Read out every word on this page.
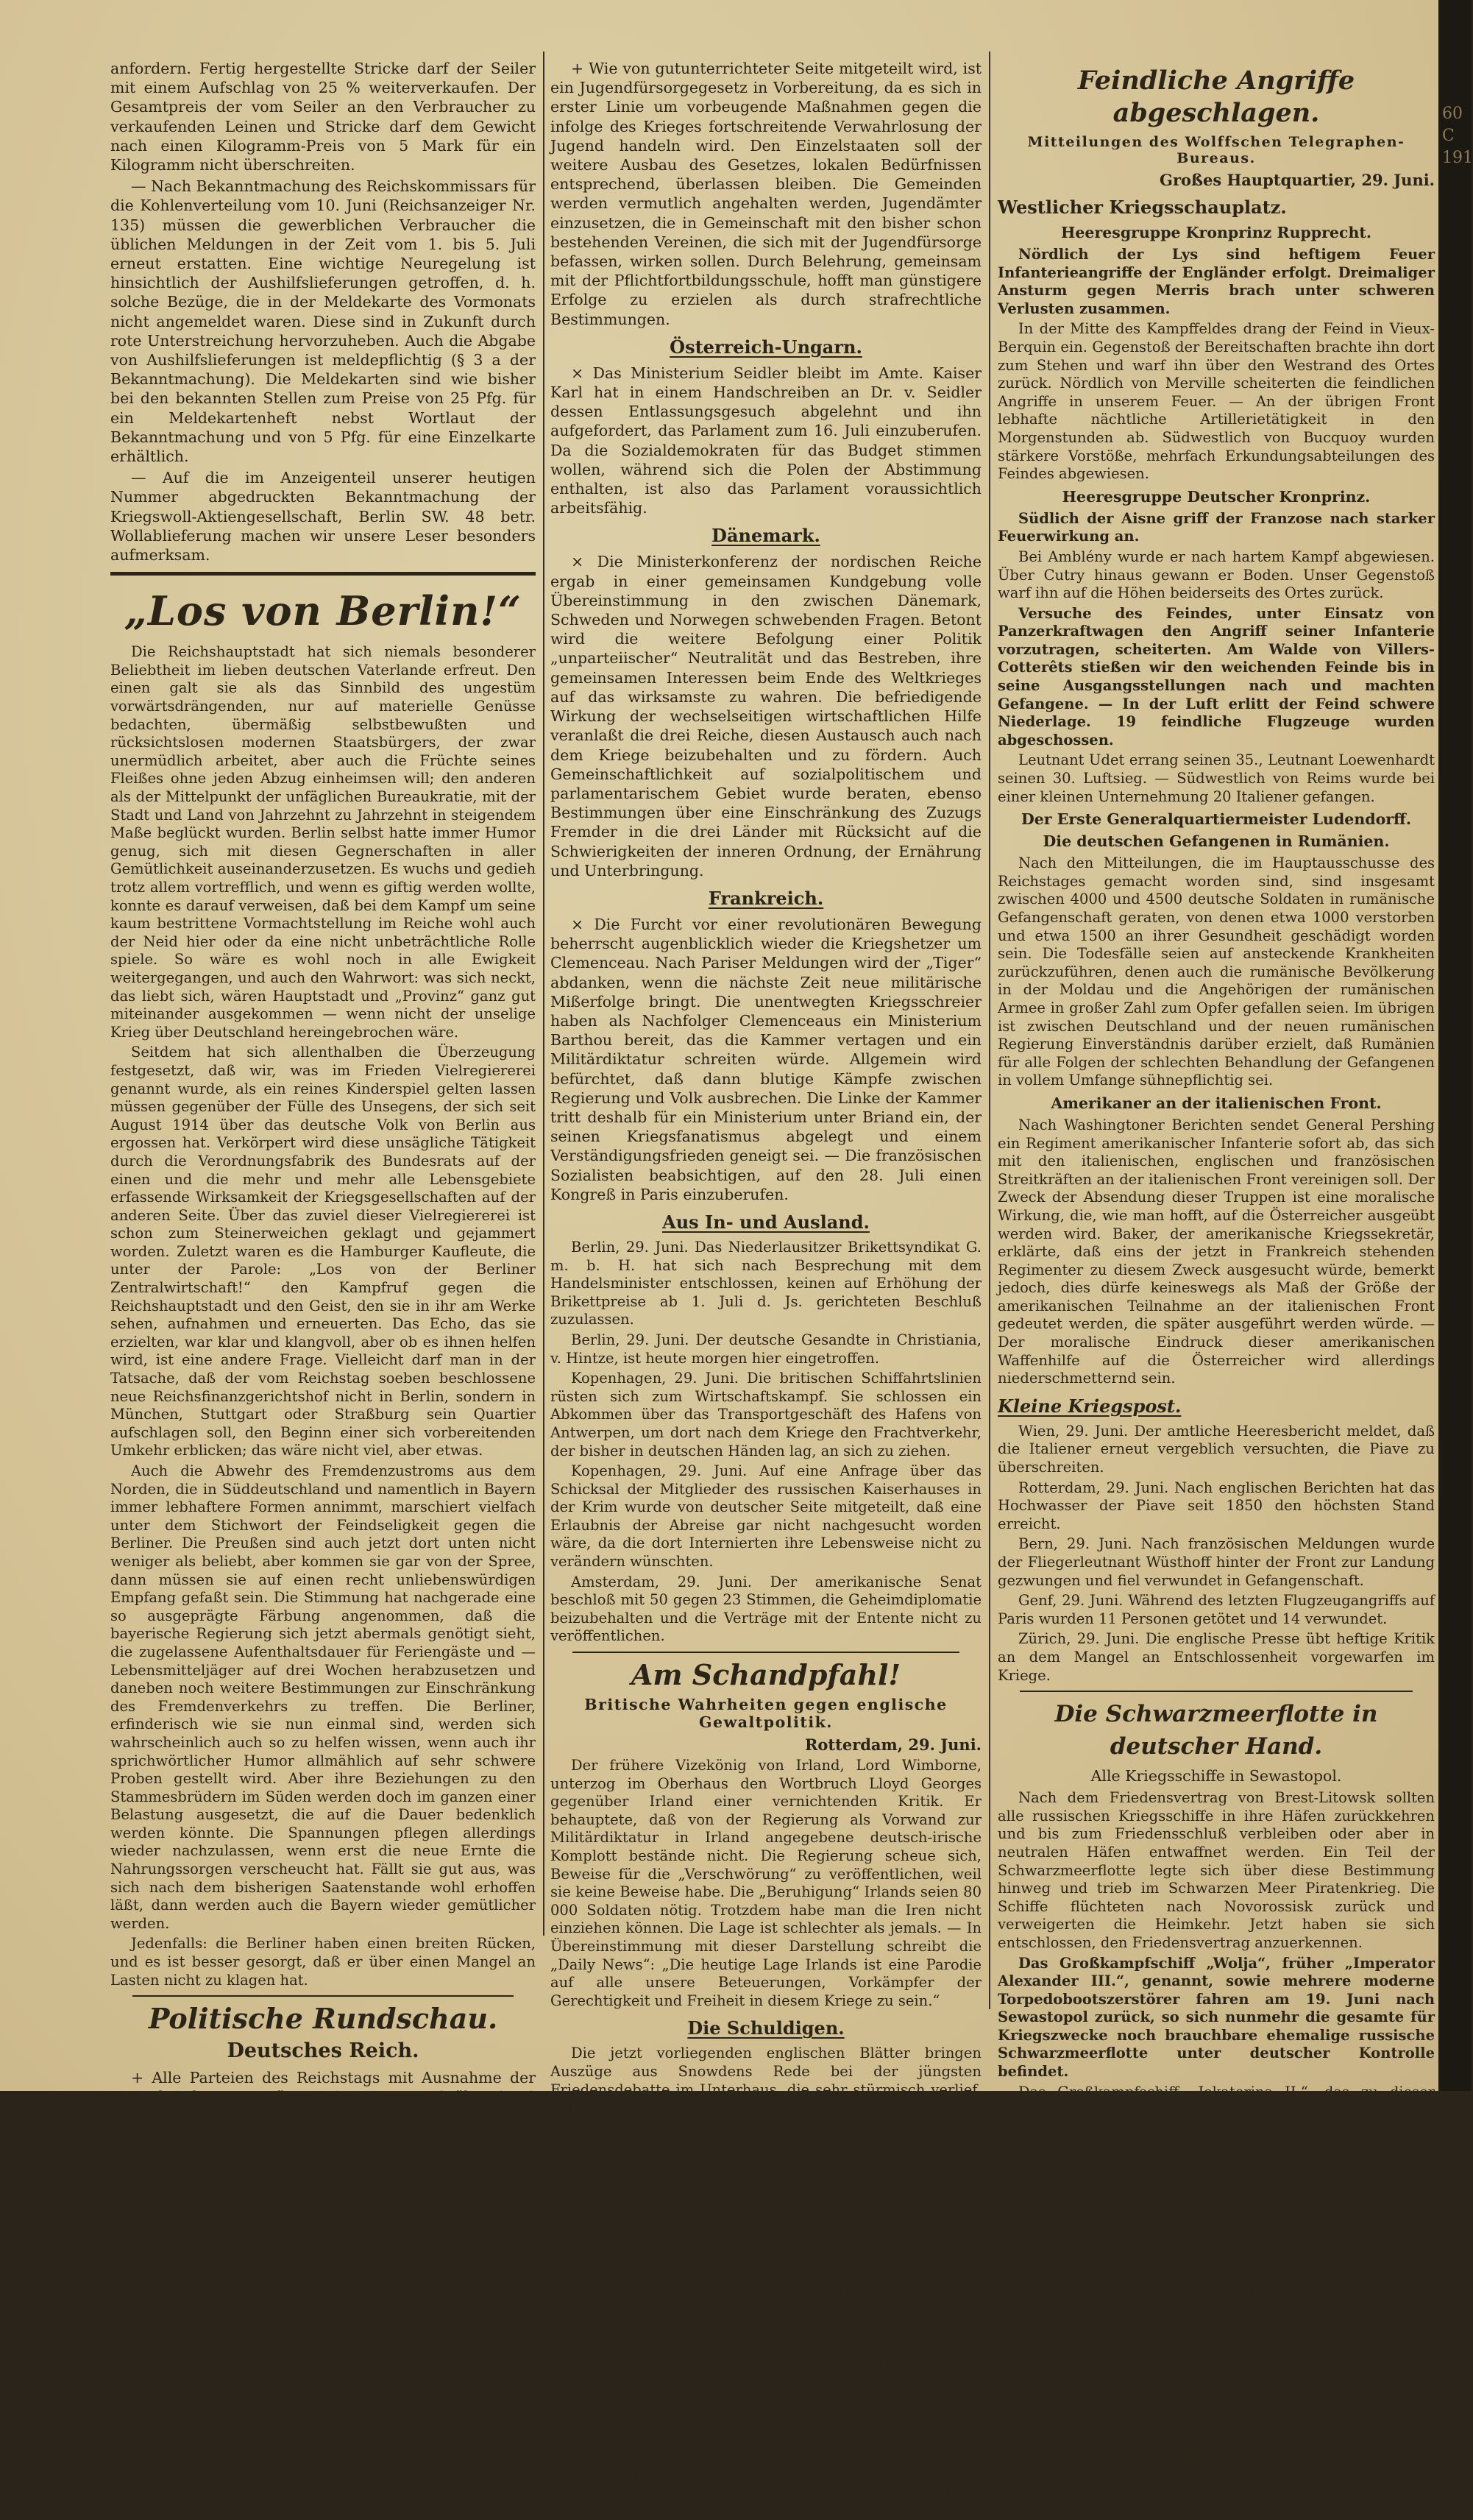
anfordern. Fertig hergestellte Stricke darf der Seiler mit einem Aufschlag von 25 % weiterverkaufen. Der Gesamtpreis der vom Seiler an den Verbraucher zu verkaufenden Leinen und Stricke darf dem Gewicht nach einen Kilogramm-Preis von 5 Mark für ein Kilogramm nicht überschreiten.

— Nach Bekanntmachung des Reichskommissars für die Kohlenverteilung vom 10. Juni (Reichsanzeiger Nr. 135) müssen die gewerblichen Verbraucher die üblichen Meldungen in der Zeit vom 1. bis 5. Juli erneut erstatten. Eine wichtige Neuregelung ist hinsichtlich der Aushilfslieferungen getroffen, d. h. solche Bezüge, die in der Meldekarte des Vormonats nicht angemeldet waren. Diese sind in Zukunft durch rote Unterstreichung hervorzuheben. Auch die Abgabe von Aushilfslieferungen ist meldepflichtig (§ 3 a der Bekanntmachung). Die Meldekarten sind wie bisher bei den bekannten Stellen zum Preise von 25 Pfg. für ein Meldekartenheft nebst Wortlaut der Bekanntmachung und von 5 Pfg. für eine Einzelkarte erhältlich.

— Auf die im Anzeigenteil unserer heutigen Nummer abgedruckten Bekanntmachung der Kriegswoll-Aktiengesellschaft, Berlin SW. 48 betr. Wollablieferung machen wir unsere Leser besonders aufmerksam.

„Los von Berlin!“

Die Reichshauptstadt hat sich niemals besonderer Beliebtheit im lieben deutschen Vaterlande erfreut. Den einen galt sie als das Sinnbild des ungestüm vorwärtsdrängenden, nur auf materielle Genüsse bedachten, übermäßig selbstbewußten und rücksichtslosen modernen Staatsbürgers, der zwar unermüdlich arbeitet, aber auch die Früchte seines Fleißes ohne jeden Abzug einheimsen will; den anderen als der Mittelpunkt der unfäglichen Bureaukratie, mit der Stadt und Land von Jahrzehnt zu Jahrzehnt in steigendem Maße beglückt wurden. Berlin selbst hatte immer Humor genug, sich mit diesen Gegnerschaften in aller Gemütlichkeit auseinanderzusetzen. Es wuchs und gedieh trotz allem vortrefflich, und wenn es giftig werden wollte, konnte es darauf verweisen, daß bei dem Kampf um seine kaum bestrittene Vormachtstellung im Reiche wohl auch der Neid hier oder da eine nicht unbeträchtliche Rolle spiele. So wäre es wohl noch in alle Ewigkeit weitergegangen, und auch den Wahrwort: was sich neckt, das liebt sich, wären Hauptstadt und „Provinz“ ganz gut miteinander ausgekommen — wenn nicht der unselige Krieg über Deutschland hereingebrochen wäre.

Seitdem hat sich allenthalben die Überzeugung festgesetzt, daß wir, was im Frieden Vielregiererei genannt wurde, als ein reines Kinderspiel gelten lassen müssen gegenüber der Fülle des Unsegens, der sich seit August 1914 über das deutsche Volk von Berlin aus ergossen hat. Verkörpert wird diese unsägliche Tätigkeit durch die Verordnungsfabrik des Bundesrats auf der einen und die mehr und mehr alle Lebensgebiete erfassende Wirksamkeit der Kriegsgesellschaften auf der anderen Seite. Über das zuviel dieser Vielregiererei ist schon zum Steinerweichen geklagt und gejammert worden. Zuletzt waren es die Hamburger Kaufleute, die unter der Parole: „Los von der Berliner Zentralwirtschaft!“ den Kampfruf gegen die Reichshauptstadt und den Geist, den sie in ihr am Werke sehen, aufnahmen und erneuerten. Das Echo, das sie erzielten, war klar und klangvoll, aber ob es ihnen helfen wird, ist eine andere Frage. Vielleicht darf man in der Tatsache, daß der vom Reichstag soeben beschlossene neue Reichsfinanzgerichtshof nicht in Berlin, sondern in München, Stuttgart oder Straßburg sein Quartier aufschlagen soll, den Beginn einer sich vorbereitenden Umkehr erblicken; das wäre nicht viel, aber etwas.

Auch die Abwehr des Fremdenzustroms aus dem Norden, die in Süddeutschland und namentlich in Bayern immer lebhaftere Formen annimmt, marschiert vielfach unter dem Stichwort der Feindseligkeit gegen die Berliner. Die Preußen sind auch jetzt dort unten nicht weniger als beliebt, aber kommen sie gar von der Spree, dann müssen sie auf einen recht unliebenswürdigen Empfang gefaßt sein. Die Stimmung hat nachgerade eine so ausgeprägte Färbung angenommen, daß die bayerische Regierung sich jetzt abermals genötigt sieht, die zugelassene Aufenthaltsdauer für Feriengäste und — Lebensmitteljäger auf drei Wochen herabzusetzen und daneben noch weitere Bestimmungen zur Einschränkung des Fremdenverkehrs zu treffen. Die Berliner, erfinderisch wie sie nun einmal sind, werden sich wahrscheinlich auch so zu helfen wissen, wenn auch ihr sprichwörtlicher Humor allmählich auf sehr schwere Proben gestellt wird. Aber ihre Beziehungen zu den Stammesbrüdern im Süden werden doch im ganzen einer Belastung ausgesetzt, die auf die Dauer bedenklich werden könnte. Die Spannungen pflegen allerdings wieder nachzulassen, wenn erst die neue Ernte die Nahrungssorgen verscheucht hat. Fällt sie gut aus, was sich nach dem bisherigen Saatenstande wohl erhoffen läßt, dann werden auch die Bayern wieder gemütlicher werden.

Jedenfalls: die Berliner haben einen breiten Rücken, und es ist besser gesorgt, daß er über einen Mangel an Lasten nicht zu klagen hat.

Politische Rundschau.
Deutsches Reich.

+ Alle Parteien des Reichstags mit Ausnahme der Fortschrittler unterstützen einen Antrag Gröber (Ztr.) auf Erhöhung der Börsensteuer. Die Börsenumsatzsteuer soll danach auf zwei vom Tausend erhöht und gleichzeitig der Börsenumsatz-Stempel für die Dauer des Krieges auf fünf vom Tausend festgesetzt werden.

+ Der Grundpreis für Branntwein ist im Reichstagsausschuß bei der Beratung des Branntweinmonopols gemäß den Vorschlägen der Regierungsvorlage festgelegt worden. Die Hektolitergrenze wurde auf 500 Hektoliter begrenzt. Nach den Beschlüssen wird Branntwein zu ermäßigten Preisen für die Essigbereitung, für Koch- und Beleuchtungszwecke und für wissenschaftliche Institute abgegeben.

+ Wie von gutunterrichteter Seite mitgeteilt wird, ist ein Jugendfürsorgegesetz in Vorbereitung, da es sich in erster Linie um vorbeugende Maßnahmen gegen die infolge des Krieges fortschreitende Verwahrlosung der Jugend handeln wird. Den Einzelstaaten soll der weitere Ausbau des Gesetzes, lokalen Bedürfnissen entsprechend, überlassen bleiben. Die Gemeinden werden vermutlich angehalten werden, Jugendämter einzusetzen, die in Gemeinschaft mit den bisher schon bestehenden Vereinen, die sich mit der Jugendfürsorge befassen, wirken sollen. Durch Belehrung, gemeinsam mit der Pflichtfortbildungsschule, hofft man günstigere Erfolge zu erzielen als durch strafrechtliche Bestimmungen.

Österreich-Ungarn.

× Das Ministerium Seidler bleibt im Amte. Kaiser Karl hat in einem Handschreiben an Dr. v. Seidler dessen Entlassungsgesuch abgelehnt und ihn aufgefordert, das Parlament zum 16. Juli einzuberufen. Da die Sozialdemokraten für das Budget stimmen wollen, während sich die Polen der Abstimmung enthalten, ist also das Parlament voraussichtlich arbeitsfähig.

Dänemark.

× Die Ministerkonferenz der nordischen Reiche ergab in einer gemeinsamen Kundgebung volle Übereinstimmung in den zwischen Dänemark, Schweden und Norwegen schwebenden Fragen. Betont wird die weitere Befolgung einer Politik „unparteiischer“ Neutralität und das Bestreben, ihre gemeinsamen Interessen beim Ende des Weltkrieges auf das wirksamste zu wahren. Die befriedigende Wirkung der wechselseitigen wirtschaftlichen Hilfe veranlaßt die drei Reiche, diesen Austausch auch nach dem Kriege beizubehalten und zu fördern. Auch Gemeinschaftlichkeit auf sozialpolitischem und parlamentarischem Gebiet wurde beraten, ebenso Bestimmungen über eine Einschränkung des Zuzugs Fremder in die drei Länder mit Rücksicht auf die Schwierigkeiten der inneren Ordnung, der Ernährung und Unterbringung.

Frankreich.

× Die Furcht vor einer revolutionären Bewegung beherrscht augenblicklich wieder die Kriegshetzer um Clemenceau. Nach Pariser Meldungen wird der „Tiger“ abdanken, wenn die nächste Zeit neue militärische Mißerfolge bringt. Die unentwegten Kriegsschreier haben als Nachfolger Clemenceaus ein Ministerium Barthou bereit, das die Kammer vertagen und ein Militärdiktatur schreiten würde. Allgemein wird befürchtet, daß dann blutige Kämpfe zwischen Regierung und Volk ausbrechen. Die Linke der Kammer tritt deshalb für ein Ministerium unter Briand ein, der seinen Kriegsfanatismus abgelegt und einem Verständigungsfrieden geneigt sei. — Die französischen Sozialisten beabsichtigen, auf den 28. Juli einen Kongreß in Paris einzuberufen.

Aus In- und Ausland.

Berlin, 29. Juni. Das Niederlausitzer Brikettsyndikat G. m. b. H. hat sich nach Besprechung mit dem Handelsminister entschlossen, keinen auf Erhöhung der Brikettpreise ab 1. Juli d. Js. gerichteten Beschluß zuzulassen.

Berlin, 29. Juni. Der deutsche Gesandte in Christiania, v. Hintze, ist heute morgen hier eingetroffen.

Kopenhagen, 29. Juni. Die britischen Schiffahrtslinien rüsten sich zum Wirtschaftskampf. Sie schlossen ein Abkommen über das Transportgeschäft des Hafens von Antwerpen, um dort nach dem Kriege den Frachtverkehr, der bisher in deutschen Händen lag, an sich zu ziehen.

Kopenhagen, 29. Juni. Auf eine Anfrage über das Schicksal der Mitglieder des russischen Kaiserhauses in der Krim wurde von deutscher Seite mitgeteilt, daß eine Erlaubnis der Abreise gar nicht nachgesucht worden wäre, da die dort Internierten ihre Lebensweise nicht zu verändern wünschten.

Amsterdam, 29. Juni. Der amerikanische Senat beschloß mit 50 gegen 23 Stimmen, die Geheimdiplomatie beizubehalten und die Verträge mit der Entente nicht zu veröffentlichen.

Am Schandpfahl!
Britische Wahrheiten gegen englische Gewaltpolitik.
Rotterdam, 29. Juni.

Der frühere Vizekönig von Irland, Lord Wimborne, unterzog im Oberhaus den Wortbruch Lloyd Georges gegenüber Irland einer vernichtenden Kritik. Er behauptete, daß von der Regierung als Vorwand zur Militärdiktatur in Irland angegebene deutsch-irische Komplott bestände nicht. Die Regierung scheue sich, Beweise für die „Verschwörung“ zu veröffentlichen, weil sie keine Beweise habe. Die „Beruhigung“ Irlands seien 80 000 Soldaten nötig. Trotzdem habe man die Iren nicht einziehen können. Die Lage ist schlechter als jemals. — In Übereinstimmung mit dieser Darstellung schreibt die „Daily News“: „Die heutige Lage Irlands ist eine Parodie auf alle unsere Beteuerungen, Vorkämpfer der Gerechtigkeit und Freiheit in diesem Kriege zu sein.“

Die Schuldigen.

Die jetzt vorliegenden englischen Blätter bringen Auszüge aus Snowdens Rede bei der jüngsten Friedensdebatte im Unterhaus, die sehr stürmisch verlief. Philipp Snowden sagte:

Während der letzten vier Jahre ist nicht ein einziges Mal ein Verständigungsvorschlag von der Entente als Ganzes oder von irgendeinem ihrer Mitglieder erfolgt. Während der letzten 18 Monate sind nicht weniger als zwölf Friedensvorschläge gemacht worden; mit Ausnahme des Anerbietens des Kaisers von Österreich sind alle mit Hohn, Verachtung und Schmähungen zurückgewiesen worden. Warum? Weil es Geheimverträge gibt. Italien klammert sich wie ein neuer Shylock an die Bedingungen seines Geheimvertrages. Der Inhalt all der Geheimverträge zwingt zu dem Schlusse, daß jedes Mitglied der Entente auf einem Raubzug begriffen ist, der Vorteile auf Kosten anderer bringen soll. Ich glaube, daß die Entente selbst mit Hilfe Amerikas nicht imstande ist, Deutschland militärisch zu besiegen.

Snowdens Rede ist von Reuter natürlich totgeschwiegen worden. In seltsamem Gegensatz zu diesen Anklagen Snowdens steht es, wenn ausgerechnet der Minister Chamberlain gegen den Reichsstiefel von Potsdam hielt, und in der Rede, daß die reine Seele Englands noch bis zum „Riesenlosen Endsiege“ kämpfen. — Old-England versteht sein Handwerk.

Feindliche Angriffe abgeschlagen.
Mitteilungen des Wolffschen Telegraphen-Bureaus.
Großes Hauptquartier, 29. Juni.
Westlicher Kriegsschauplatz.
Heeresgruppe Kronprinz Rupprecht.

Nördlich der Lys sind heftigem Feuer Infanterieangriffe der Engländer erfolgt. Dreimaliger Ansturm gegen Merris brach unter schweren Verlusten zusammen.

In der Mitte des Kampffeldes drang der Feind in Vieux-Berquin ein. Gegenstoß der Bereitschaften brachte ihn dort zum Stehen und warf ihn über den Westrand des Ortes zurück. Nördlich von Merville scheiterten die feindlichen Angriffe in unserem Feuer. — An der übrigen Front lebhafte nächtliche Artillerietätigkeit in den Morgenstunden ab. Südwestlich von Bucquoy wurden stärkere Vorstöße, mehrfach Erkundungsabteilungen des Feindes abgewiesen.

Heeresgruppe Deutscher Kronprinz.

Südlich der Aisne griff der Franzose nach starker Feuerwirkung an.

Bei Amblény wurde er nach hartem Kampf abgewiesen. Über Cutry hinaus gewann er Boden. Unser Gegenstoß warf ihn auf die Höhen beiderseits des Ortes zurück.

Versuche des Feindes, unter Einsatz von Panzerkraftwagen den Angriff seiner Infanterie vorzutragen, scheiterten. Am Walde von Villers-Cotterêts stießen wir den weichenden Feinde bis in seine Ausgangsstellungen nach und machten Gefangene. — In der Luft erlitt der Feind schwere Niederlage. 19 feindliche Flugzeuge wurden abgeschossen.

Leutnant Udet errang seinen 35., Leutnant Loewenhardt seinen 30. Luftsieg. — Südwestlich von Reims wurde bei einer kleinen Unternehmung 20 Italiener gefangen.

Der Erste Generalquartiermeister Ludendorff.
Die deutschen Gefangenen in Rumänien.

Nach den Mitteilungen, die im Hauptausschusse des Reichstages gemacht worden sind, sind insgesamt zwischen 4000 und 4500 deutsche Soldaten in rumänische Gefangenschaft geraten, von denen etwa 1000 verstorben und etwa 1500 an ihrer Gesundheit geschädigt worden sein. Die Todesfälle seien auf ansteckende Krankheiten zurückzuführen, denen auch die rumänische Bevölkerung in der Moldau und die Angehörigen der rumänischen Armee in großer Zahl zum Opfer gefallen seien. Im übrigen ist zwischen Deutschland und der neuen rumänischen Regierung Einverständnis darüber erzielt, daß Rumänien für alle Folgen der schlechten Behandlung der Gefangenen in vollem Umfange sühnepflichtig sei.

Amerikaner an der italienischen Front.

Nach Washingtoner Berichten sendet General Pershing ein Regiment amerikanischer Infanterie sofort ab, das sich mit den italienischen, englischen und französischen Streitkräften an der italienischen Front vereinigen soll. Der Zweck der Absendung dieser Truppen ist eine moralische Wirkung, die, wie man hofft, auf die Österreicher ausgeübt werden wird. Baker, der amerikanische Kriegssekretär, erklärte, daß eins der jetzt in Frankreich stehenden Regimenter zu diesem Zweck ausgesucht würde, bemerkt jedoch, dies dürfe keineswegs als Maß der Größe der amerikanischen Teilnahme an der italienischen Front gedeutet werden, die später ausgeführt werden würde. — Der moralische Eindruck dieser amerikanischen Waffenhilfe auf die Österreicher wird allerdings niederschmetternd sein.

Kleine Kriegspost.

Wien, 29. Juni. Der amtliche Heeresbericht meldet, daß die Italiener erneut vergeblich versuchten, die Piave zu überschreiten.

Rotterdam, 29. Juni. Nach englischen Berichten hat das Hochwasser der Piave seit 1850 den höchsten Stand erreicht.

Bern, 29. Juni. Nach französischen Meldungen wurde der Fliegerleutnant Wüsthoff hinter der Front zur Landung gezwungen und fiel verwundet in Gefangenschaft.

Genf, 29. Juni. Während des letzten Flugzeugangriffs auf Paris wurden 11 Personen getötet und 14 verwundet.

Zürich, 29. Juni. Die englische Presse übt heftige Kritik an dem Mangel an Entschlossenheit vorgewarfen im Kriege.

Die Schwarzmeerflotte in deutscher Hand.
Alle Kriegsschiffe in Sewastopol.

Nach dem Friedensvertrag von Brest-Litowsk sollten alle russischen Kriegsschiffe in ihre Häfen zurückkehren und bis zum Friedensschluß verbleiben oder aber in neutralen Häfen entwaffnet werden. Ein Teil der Schwarzmeerflotte legte sich über diese Bestimmung hinweg und trieb im Schwarzen Meer Piratenkrieg. Die Schiffe flüchteten nach Novorossisk zurück und verweigerten die Heimkehr. Jetzt haben sie sich entschlossen, den Friedensvertrag anzuerkennen.

Das Großkampfschiff „Wolja“, früher „Imperator Alexander III.“, genannt, sowie mehrere moderne Torpedobootszerstörer fahren am 19. Juni nach Sewastopol zurück, so sich nunmehr die gesamte für Kriegszwecke noch brauchbare ehemalige russische Schwarzmeerflotte unter deutscher Kontrolle befindet.

Das Großkampfschiff „Jekaterina II.“, das zu dieser Flotteneinheit gehörte, sowie mehrere Zerstörer sind infolge ihres Streitigkeiten versenkt worden. Für die verworrenen Verhältnisse an Bord bieten, daß in dieser Zeit in wenigen Tagen mehrmals die Flaggen die Staatsangehörigkeit wechselten und nacheinander die rote Bolschewisten-Flagge, die neubraune weiße mit der rote Flagge, dann die rot-goldene Flagge der neugegründeten russischen Republik, dann die blau-gelbe ukrainische Flagge und die russische Kaiserflagge mit dem weiß-blauen Andreas-Flagge des russischen Kaiserreichs sehten. Neben den Besatzungen bevölkerten auch Frauen, Kinder und Zivilisten diese Kriegsschiffe.

34 000 Tonnen versenkt.
Berlin, 30. Juni.

Amtlich wird gemeldet: Neue U-Bootserfolge im Sperrgebiet um England nach Meldungen der von See zurückgekehrten U-Boote: 13 000 Br.-Reg.-To.

Im Sperrgebiet des westlichen Mittelmeeres versenkten unsere U-Boote 4 Dampfer und 1 Segler von rund 21 000 Br.-Reg.-To.

Der Chef des Admiralstabes der Marine.
60
C
191
